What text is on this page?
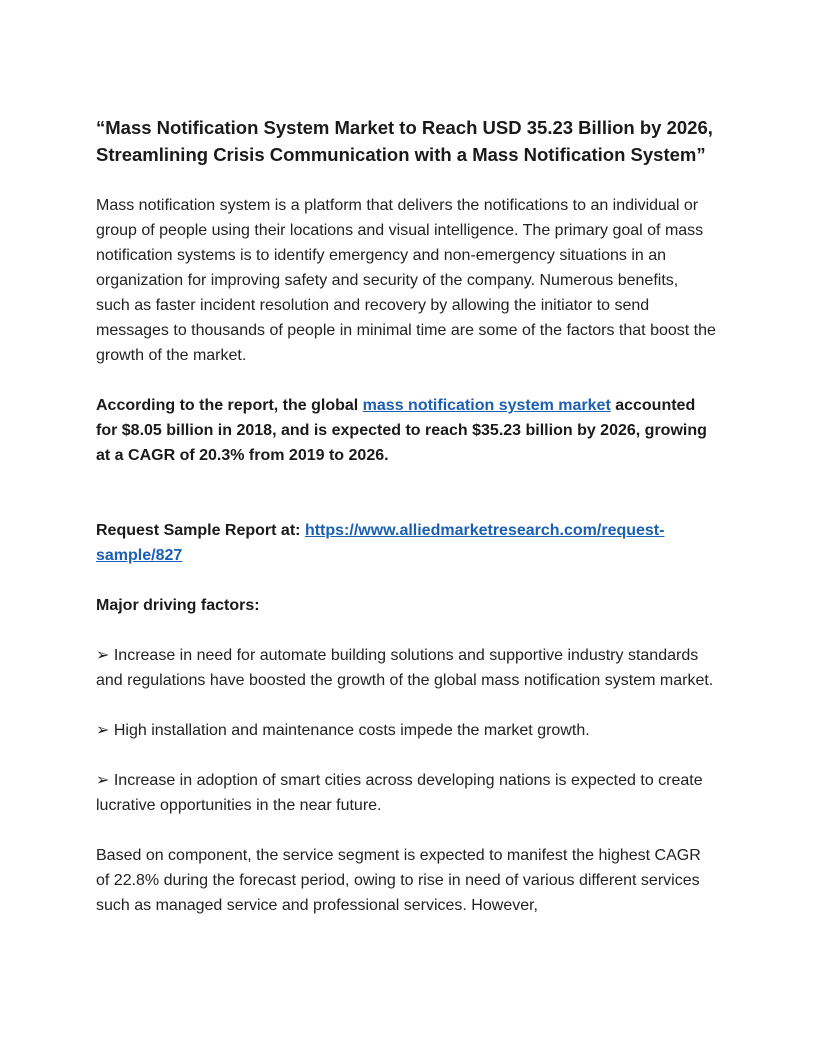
“Mass Notification System Market to Reach USD 35.23 Billion by 2026, Streamlining Crisis Communication with a Mass Notification System”

Mass notification system is a platform that delivers the notifications to an individual or group of people using their locations and visual intelligence. The primary goal of mass notification systems is to identify emergency and non-emergency situations in an organization for improving safety and security of the company. Numerous benefits, such as faster incident resolution and recovery by allowing the initiator to send messages to thousands of people in minimal time are some of the factors that boost the growth of the market.

According to the report, the global mass notification system market accounted for $8.05 billion in 2018, and is expected to reach $35.23 billion by 2026, growing at a CAGR of 20.3% from 2019 to 2026.

Request Sample Report at: https://www.alliedmarketresearch.com/request-sample/827

Major driving factors:

➢ Increase in need for automate building solutions and supportive industry standards and regulations have boosted the growth of the global mass notification system market.

➢ High installation and maintenance costs impede the market growth.

➢ Increase in adoption of smart cities across developing nations is expected to create lucrative opportunities in the near future.

Based on component, the service segment is expected to manifest the highest CAGR of 22.8% during the forecast period, owing to rise in need of various different services such as managed service and professional services. However,
